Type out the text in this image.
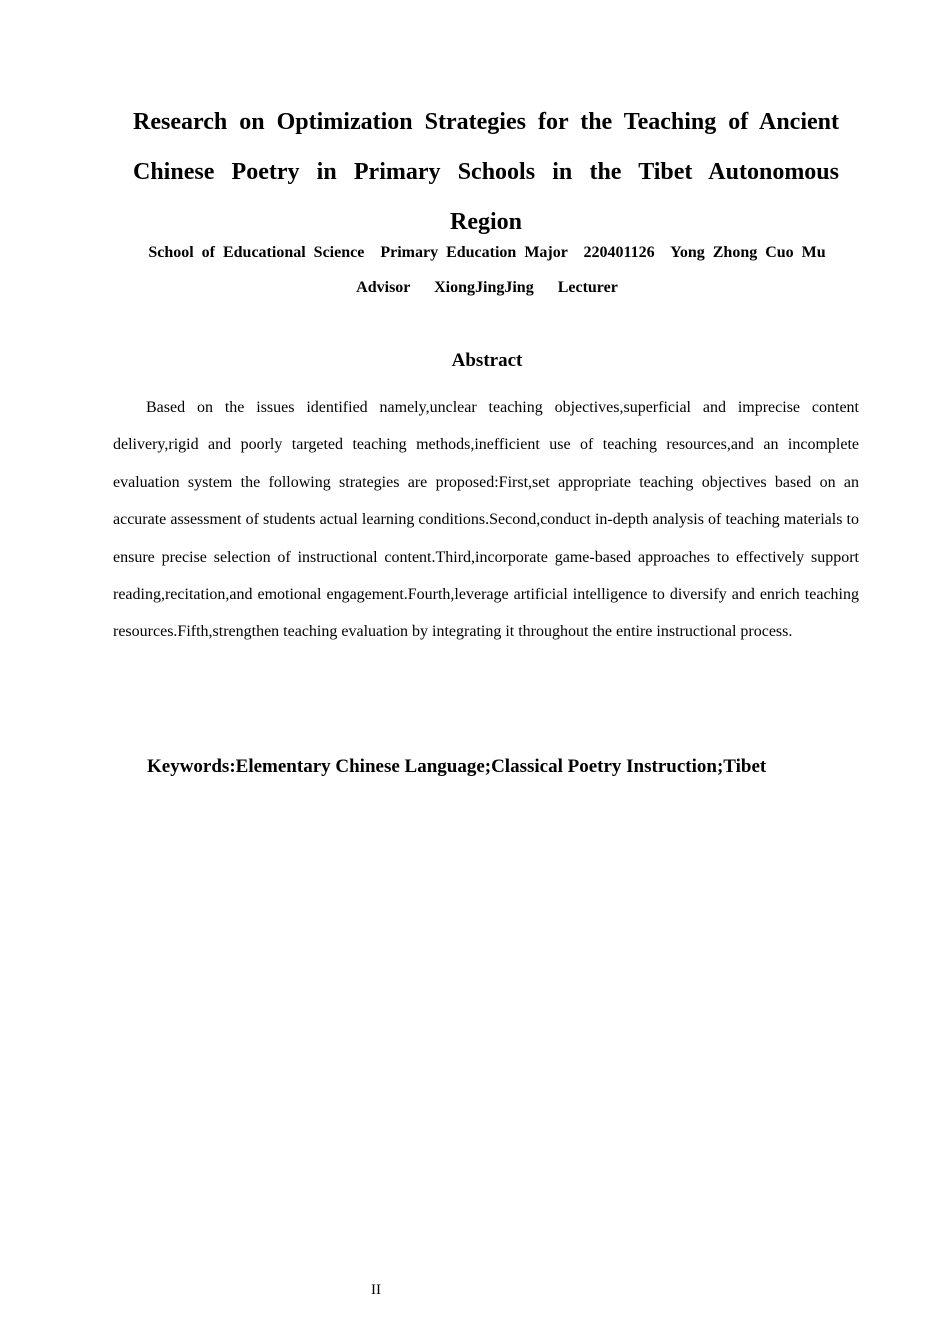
Research on Optimization Strategies for the Teaching of Ancient Chinese Poetry in Primary Schools in the Tibet Autonomous Region

School of Educational Science  Primary Education Major  220401126  Yong Zhong Cuo Mu

Advisor   XiongJingJing   Lecturer

Abstract

Based on the issues identified namely,unclear teaching objectives,superficial and imprecise content delivery,rigid and poorly targeted teaching methods,inefficient use of teaching resources,and an incomplete evaluation system the following strategies are proposed:First,set appropriate teaching objectives based on an accurate assessment of students actual learning conditions.Second,conduct in-depth analysis of teaching materials to ensure precise selection of instructional content.Third,incorporate game-based approaches to effectively support reading,recitation,and emotional engagement.Fourth,leverage artificial intelligence to diversify and enrich teaching resources.Fifth,strengthen teaching evaluation by integrating it throughout the entire instructional process.

Keywords:Elementary Chinese Language;Classical Poetry Instruction;Tibet

II
